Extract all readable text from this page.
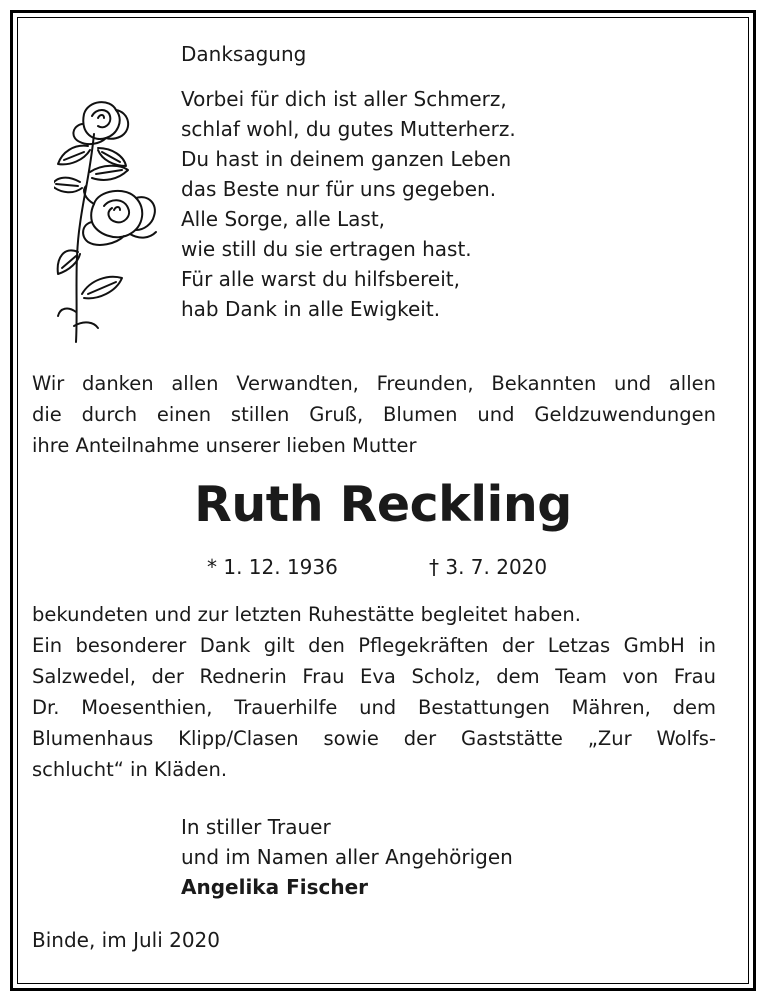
Danksagung
Vorbei für dich ist aller Schmerz,
schlaf wohl, du gutes Mutterherz.
Du hast in deinem ganzen Leben
das Beste nur für uns gegeben.
Alle Sorge, alle Last,
wie still du sie ertragen hast.
Für alle warst du hilfsbereit,
hab Dank in alle Ewigkeit.
Wir danken allen Verwandten, Freunden, Bekannten und allen
die durch einen stillen Gruß, Blumen und Geldzuwendungen
ihre Anteilnahme unserer lieben Mutter
Ruth Reckling
* 1. 12. 1936	† 3. 7. 2020
bekundeten und zur letzten Ruhestätte begleitet haben.
Ein besonderer Dank gilt den Pflegekräften der Letzas GmbH in
Salzwedel, der Rednerin Frau Eva Scholz, dem Team von Frau
Dr. Moesenthien, Trauerhilfe und Bestattungen Mähren, dem
Blumenhaus Klipp/Clasen sowie der Gaststätte „Zur Wolfs-
schlucht“ in Kläden.
In stiller Trauer
und im Namen aller Angehörigen
Angelika Fischer
Binde, im Juli 2020
